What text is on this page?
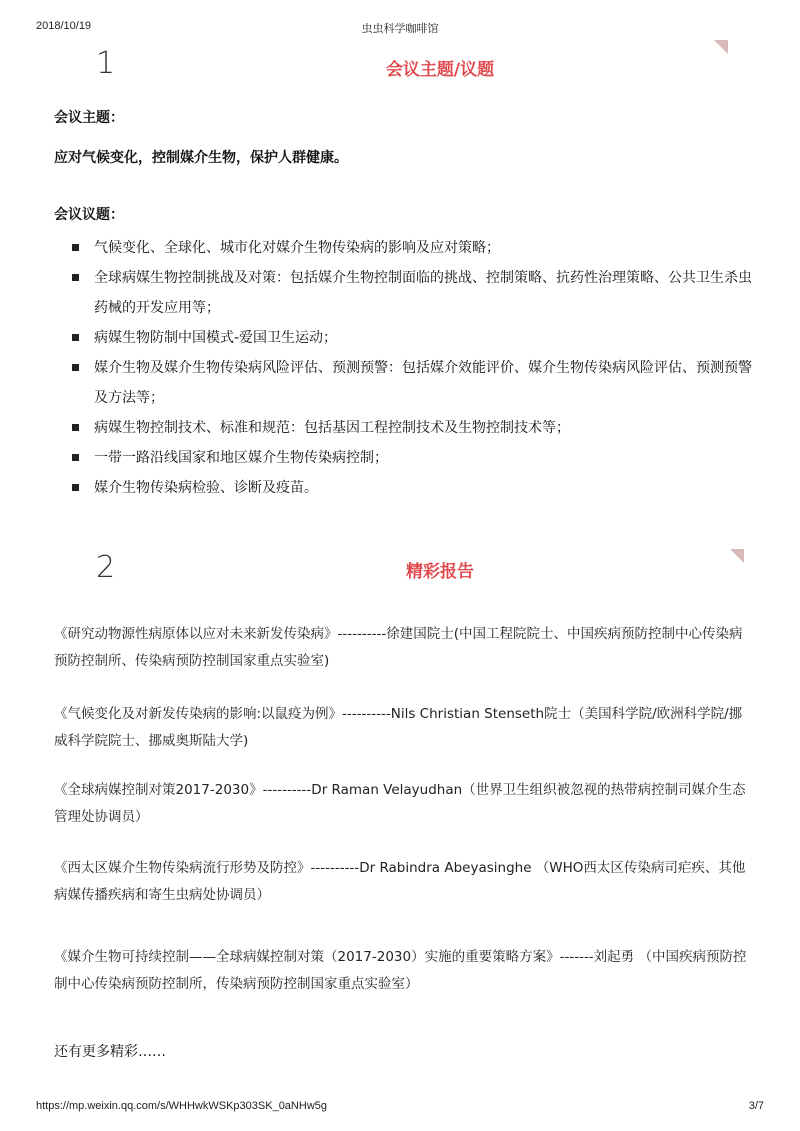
2018/10/19	虫虫科学咖啡馆
1	会议主题/议题
会议主题：
应对气候变化，控制媒介生物，保护人群健康。
会议议题：
气候变化、全球化、城市化对媒介生物传染病的影响及应对策略；
全球病媒生物控制挑战及对策：包括媒介生物控制面临的挑战、控制策略、抗药性治理策略、公共卫生杀虫药械的开发应用等；
病媒生物防制中国模式-爱国卫生运动；
媒介生物及媒介生物传染病风险评估、预测预警：包括媒介效能评价、媒介生物传染病风险评估、预测预警及方法等；
病媒生物控制技术、标准和规范：包括基因工程控制技术及生物控制技术等；
一带一路沿线国家和地区媒介生物传染病控制；
媒介生物传染病检验、诊断及疫苗。
2	精彩报告
《研究动物源性病原体以应对未来新发传染病》----------徐建国院士(中国工程院院士、中国疾病预防控制中心传染病预防控制所、传染病预防控制国家重点实验室)
《气候变化及对新发传染病的影响:以鼠疫为例》----------Nils Christian Stenseth院士（美国科学院/欧洲科学院/挪威科学院院士、挪威奥斯陆大学)
《全球病媒控制对策2017-2030》----------Dr Raman Velayudhan（世界卫生组织被忽视的热带病控制司媒介生态管理处协调员）
《西太区媒介生物传染病流行形势及防控》----------Dr Rabindra Abeyasinghe （WHO西太区传染病司疟疾、其他病媒传播疾病和寄生虫病处协调员）
《媒介生物可持续控制——全球病媒控制对策（2017-2030）实施的重要策略方案》-------刘起勇 （中国疾病预防控制中心传染病预防控制所，传染病预防控制国家重点实验室）
还有更多精彩……
https://mp.weixin.qq.com/s/WHHwkWSKp303SK_0aNHw5g	3/7
